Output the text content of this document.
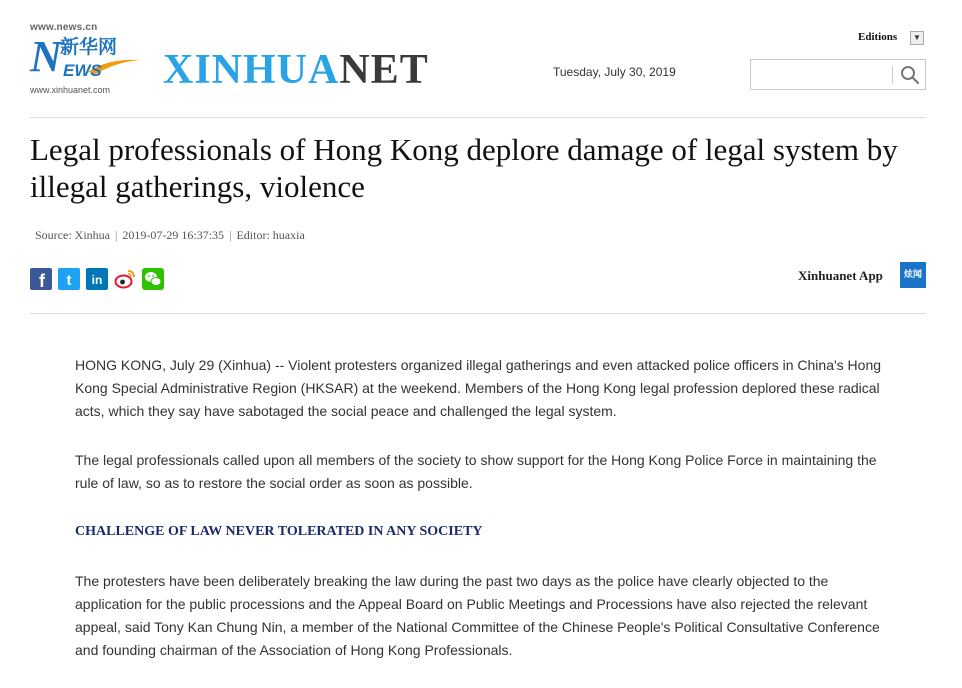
www.news.cn
N
新华网
EWS
www.xinhuanet.com XINHUANET	Tuesday, July 30, 2019
Editions	▼
Legal professionals of Hong Kong deplore damage of legal system by illegal gatherings, violence
Source: Xinhua | 2019-07-29 16:37:35 | Editor: huaxia
f t in	Xinhuanet App	炫闻

HONG KONG, July 29 (Xinhua) -- Violent protesters organized illegal gatherings and even attacked police officers in China's Hong Kong Special Administrative Region (HKSAR) at the weekend. Members of the Hong Kong legal profession deplored these radical acts, which they say have sabotaged the social peace and challenged the legal system.

The legal professionals called upon all members of the society to show support for the Hong Kong Police Force in maintaining the rule of law, so as to restore the social order as soon as possible.

CHALLENGE OF LAW NEVER TOLERATED IN ANY SOCIETY

The protesters have been deliberately breaking the law during the past two days as the police have clearly objected to the application for the public processions and the Appeal Board on Public Meetings and Processions have also rejected the relevant appeal, said Tony Kan Chung Nin, a member of the National Committee of the Chinese People's Political Consultative Conference and founding chairman of the Association of Hong Kong Professionals.
